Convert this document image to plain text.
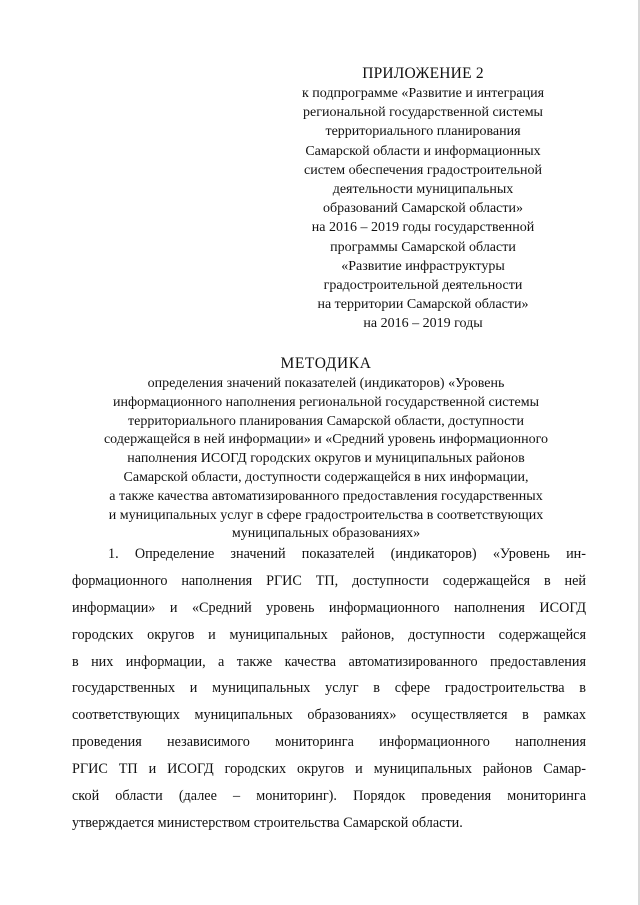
ПРИЛОЖЕНИЕ 2
к подпрограмме «Развитие и интеграция
региональной государственной системы
территориального планирования
Самарской области и информационных
систем обеспечения градостроительной
деятельности муниципальных
образований Самарской области»
на 2016 – 2019 годы государственной
программы Самарской области
«Развитие инфраструктуры
градостроительной деятельности
на территории Самарской области»
на 2016 – 2019 годы
МЕТОДИКА
определения значений показателей (индикаторов) «Уровень
информационного наполнения региональной государственной системы
территориального планирования Самарской области, доступности
содержащейся в ней информации» и «Средний уровень информационного
наполнения ИСОГД городских округов и муниципальных районов
Самарской области, доступности содержащейся в них информации,
а также качества автоматизированного предоставления государственных
и муниципальных услуг в сфере градостроительства в соответствующих
муниципальных образованиях»
1. Определение значений показателей (индикаторов) «Уровень ин-
формационного наполнения РГИС ТП, доступности содержащейся в ней
информации» и «Средний уровень информационного наполнения ИСОГД
городских округов и муниципальных районов, доступности содержащейся
в них информации, а также качества автоматизированного предоставления
государственных и муниципальных услуг в сфере градостроительства в
соответствующих муниципальных образованиях» осуществляется в рамках
проведения независимого мониторинга информационного наполнения
РГИС ТП и ИСОГД городских округов и муниципальных районов Самар-
ской области (далее – мониторинг). Порядок проведения мониторинга
утверждается министерством строительства Самарской области.
